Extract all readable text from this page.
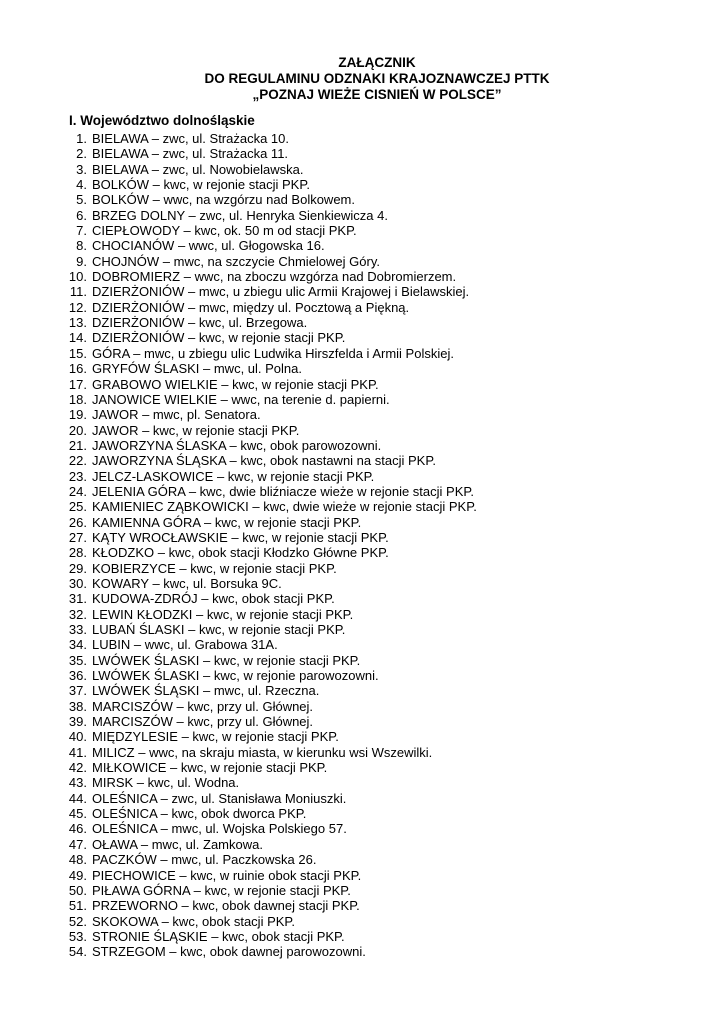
ZAŁĄCZNIK
DO REGULAMINU ODZNAKI KRAJOZNAWCZEJ PTTK
„POZNAJ WIEŻE CISNIEŃ W POLSCE”
I. Województwo dolnośląskie
1. BIELAWA – zwc, ul. Strażacka 10.
2. BIELAWA – zwc, ul. Strażacka 11.
3. BIELAWA – zwc, ul. Nowobielawska.
4. BOLKÓW – kwc, w rejonie stacji PKP.
5. BOLKÓW – wwc, na wzgórzu nad Bolkowem.
6. BRZEG DOLNY – zwc, ul. Henryka Sienkiewicza 4.
7. CIEPŁOWODY – kwc, ok. 50 m od stacji PKP.
8. CHOCIANÓW – wwc, ul. Głogowska 16.
9. CHOJNÓW – mwc, na szczycie Chmielowej Góry.
10. DOBROMIERZ – wwc, na zboczu wzgórza nad Dobromierzem.
11. DZIERŻONIÓW – mwc, u zbiegu ulic Armii Krajowej i Bielawskiej.
12. DZIERŻONIÓW – mwc, między ul. Pocztową a Piękną.
13. DZIERŻONIÓW – kwc, ul. Brzegowa.
14. DZIERŻONIÓW – kwc, w rejonie stacji PKP.
15. GÓRA – mwc, u zbiegu ulic Ludwika Hirszfelda i Armii Polskiej.
16. GRYFÓW ŚLASKI – mwc, ul. Polna.
17. GRABOWO WIELKIE – kwc, w rejonie stacji PKP.
18. JANOWICE WIELKIE – wwc, na terenie d. papierni.
19. JAWOR – mwc, pl. Senatora.
20. JAWOR – kwc, w rejonie stacji PKP.
21. JAWORZYNA ŚLASKA – kwc, obok parowozowni.
22. JAWORZYNA ŚLĄSKA – kwc, obok nastawni na stacji PKP.
23. JELCZ-LASKOWICE – kwc, w rejonie stacji PKP.
24. JELENIA GÓRA – kwc, dwie bliźniacze wieże w rejonie stacji PKP.
25. KAMIENIEC ZĄBKOWICKI – kwc, dwie wieże w rejonie stacji PKP.
26. KAMIENNA GÓRA – kwc, w rejonie stacji PKP.
27. KĄTY WROCŁAWSKIE – kwc, w rejonie stacji PKP.
28. KŁODZKO – kwc, obok stacji Kłodzko Główne PKP.
29. KOBIERZYCE – kwc, w rejonie stacji PKP.
30. KOWARY – kwc, ul. Borsuka 9C.
31. KUDOWA-ZDRÓJ – kwc, obok stacji PKP.
32. LEWIN KŁODZKI – kwc, w rejonie stacji PKP.
33. LUBAŃ ŚLASKI – kwc, w rejonie stacji PKP.
34. LUBIN – wwc, ul. Grabowa 31A.
35. LWÓWEK ŚLASKI – kwc, w rejonie stacji PKP.
36. LWÓWEK ŚLASKI – kwc, w rejonie parowozowni.
37. LWÓWEK ŚLĄSKI – mwc, ul. Rzeczna.
38. MARCISZÓW – kwc, przy ul. Głównej.
39. MARCISZÓW – kwc, przy ul. Głównej.
40. MIĘDZYLESIE – kwc, w rejonie stacji PKP.
41. MILICZ – wwc, na skraju miasta, w kierunku wsi Wszewilki.
42. MIŁKOWICE – kwc, w rejonie stacji PKP.
43. MIRSK – kwc, ul. Wodna.
44. OLEŚNICA – zwc, ul. Stanisława Moniuszki.
45. OLEŚNICA – kwc, obok dworca PKP.
46. OLEŚNICA – mwc, ul. Wojska Polskiego 57.
47. OŁAWA – mwc, ul. Zamkowa.
48. PACZKÓW – mwc, ul. Paczkowska 26.
49. PIECHOWICE – kwc, w ruinie obok stacji PKP.
50. PIŁAWA GÓRNA – kwc, w rejonie stacji PKP.
51. PRZEWORNO – kwc, obok dawnej stacji PKP.
52. SKOKOWA – kwc, obok stacji PKP.
53. STRONIE ŚLĄSKIE – kwc, obok stacji PKP.
54. STRZEGOM – kwc, obok dawnej parowozowni.
